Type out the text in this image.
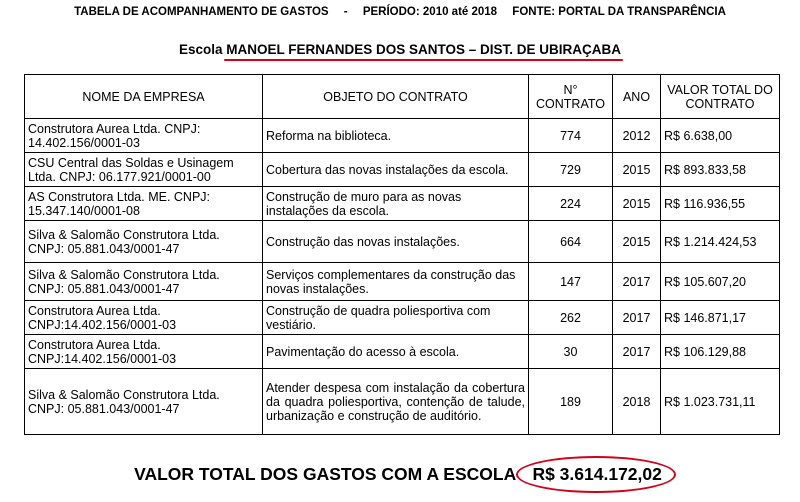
TABELA DE ACOMPANHAMENTO DE GASTOS - PERÍODO: 2010 até 2018 FONTE: PORTAL DA TRANSPARÊNCIA
Escola MANOEL FERNANDES DOS SANTOS – DIST. DE UBIRAÇABA
NOME DA EMPRESA	OBJETO DO CONTRATO	N° CONTRATO	ANO	VALOR TOTAL DO CONTRATO
Construtora Aurea Ltda. CNPJ: 14.402.156/0001-03	Reforma na biblioteca.	774	2012	R$ 6.638,00
CSU Central das Soldas e Usinagem Ltda. CNPJ: 06.177.921/0001-00	Cobertura das novas instalações da escola.	729	2015	R$ 893.833,58
AS Construtora Ltda. ME. CNPJ: 15.347.140/0001-08	Construção de muro para as novas instalações da escola.	224	2015	R$ 116.936,55
Silva & Salomão Construtora Ltda. CNPJ: 05.881.043/0001-47	Construção das novas instalações.	664	2015	R$ 1.214.424,53
Silva & Salomão Construtora Ltda. CNPJ: 05.881.043/0001-47	Serviços complementares da construção das novas instalações.	147	2017	R$ 105.607,20
Construtora Aurea Ltda. CNPJ:14.402.156/0001-03	Construção de quadra poliesportiva com vestiário.	262	2017	R$ 146.871,17
Construtora Aurea Ltda. CNPJ:14.402.156/0001-03	Pavimentação do acesso à escola.	30	2017	R$ 106.129,88
Silva & Salomão Construtora Ltda. CNPJ: 05.881.043/0001-47	Atender despesa com instalação da cobertura da quadra poliesportiva, contenção de talude, urbanização e construção de auditório.	189	2018	R$ 1.023.731,11
VALOR TOTAL DOS GASTOS COM A ESCOLA R$ 3.614.172,02
